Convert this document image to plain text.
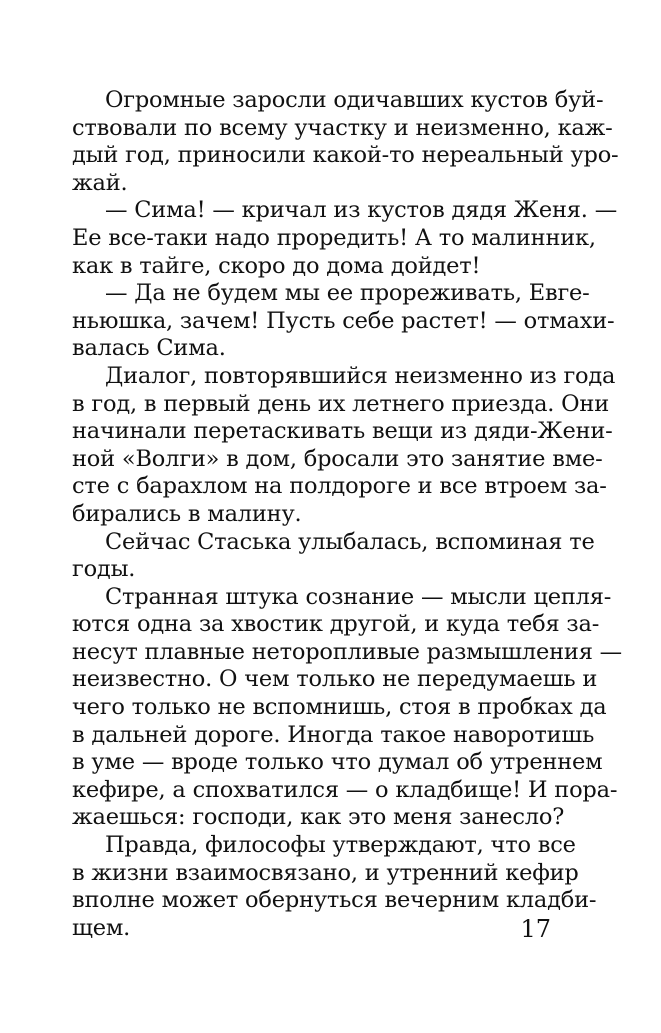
Огромные заросли одичавших кустов буй-
ствовали по всему участку и неизменно, каж-
дый год, приносили какой-то нереальный уро-
жай.
— Сима! — кричал из кустов дядя Женя. —
Ее все-таки надо проредить! А то малинник,
как в тайге, скоро до дома дойдет!
— Да не будем мы ее прореживать, Евге-
ньюшка, зачем! Пусть себе растет! — отмахи-
валась Сима.
Диалог, повторявшийся неизменно из года
в год, в первый день их летнего приезда. Они
начинали перетаскивать вещи из дяди-Жени-
ной «Волги» в дом, бросали это занятие вме-
сте с барахлом на полдороге и все втроем за-
бирались в малину.
Сейчас Стаська улыбалась, вспоминая те
годы.
Странная штука сознание — мысли цепля-
ются одна за хвостик другой, и куда тебя за-
несут плавные неторопливые размышления —
неизвестно. О чем только не передумаешь и
чего только не вспомнишь, стоя в пробках да
в дальней дороге. Иногда такое наворотишь
в уме — вроде только что думал об утреннем
кефире, а спохватился — о кладбище! И пора-
жаешься: господи, как это меня занесло?
Правда, философы утверждают, что все
в жизни взаимосвязано, и утренний кефир
вполне может обернуться вечерним кладби-
щем.	17
